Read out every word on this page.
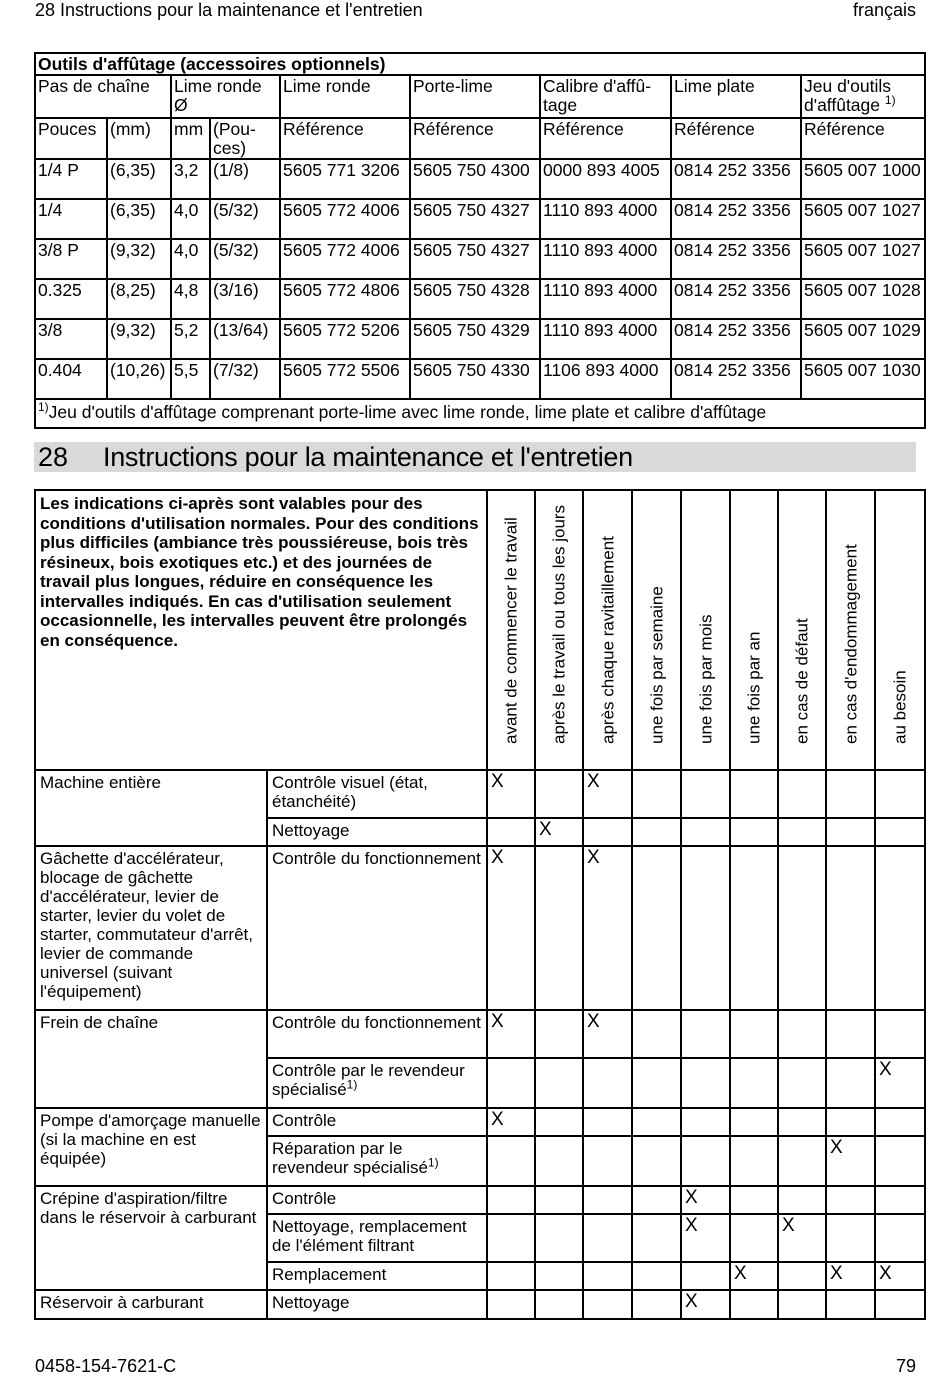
28 Instructions pour la maintenance et l'entretien	français
Outils d'affûtage (accessoires optionnels)								
Pas de chaîne		Lime ronde Ø		Lime ronde	Porte-lime	Calibre d'affû-tage	Lime plate	Jeu d'outils d'affûtage $^{1)}$
Pouces	(mm)	mm	(Pou-ces)	Référence	Référence	Référence	Référence	Référence
1/4 P	(6,35)	3,2	(1/8)	5605 771 3206	5605 750 4300	0000 893 4005	0814 252 3356	5605 007 1000
1/4	(6,35)	4,0	(5/32)	5605 772 4006	5605 750 4327	1110 893 4000	0814 252 3356	5605 007 1027
3/8 P	(9,32)	4,0	(5/32)	5605 772 4006	5605 750 4327	1110 893 4000	0814 252 3356	5605 007 1027
0.325	(8,25)	4,8	(3/16)	5605 772 4806	5605 750 4328	1110 893 4000	0814 252 3356	5605 007 1028
3/8	(9,32)	5,2	(13/64)	5605 772 5206	5605 750 4329	1110 893 4000	0814 252 3356	5605 007 1029
0.404	(10,26)	5,5	(7/32)	5605 772 5506	5605 750 4330	1106 893 4000	0814 252 3356	5605 007 1030
$^{1)}$Jeu d'outils d'affûtage comprenant porte-lime avec lime ronde, lime plate et calibre d'affûtage								
28 Instructions pour la maintenance et l'entretien
Les indications ci-après sont valables pour des conditions d'utilisation normales. Pour des conditions plus difficiles (ambiance très poussiéreuse, bois très résineux, bois exotiques etc.) et des journées de travail plus longues, réduire en conséquence les intervalles indiqués. En cas d'utilisation seulement occasionnelle, les intervalles peuvent être prolongés en conséquence.		avant de commencer le travail	après le travail ou tous les jours	après chaque ravitaillement	une fois par semaine	une fois par mois	une fois par an	en cas de défaut	en cas d'endommagement	au besoin

Machine entière	Contrôle visuel (état, étanchéité)	X		X						
	Nettoyage		X							
Gâchette d'accélérateur, blocage de gâchette d'accélérateur, levier de starter, levier du volet de starter, commutateur d'arrêt, levier de commande universel (suivant l'équipement)	Contrôle du fonctionnement	X		X						
Frein de chaîne	Contrôle du fonctionnement	X		X						
	Contrôle par le revendeur spécialisé$^{1)}$									X
Pompe d'amorçage manuelle (si la machine en est équipée)	Contrôle	X								
	Réparation par le revendeur spécialisé$^{1)}$								X	
Crépine d'aspiration/filtre dans le réservoir à carburant	Contrôle					X				
	Nettoyage, remplacement de l'élément filtrant					X		X		
	Remplacement						X		X	X
Réservoir à carburant	Nettoyage					X				
0458-154-7621-C	79
